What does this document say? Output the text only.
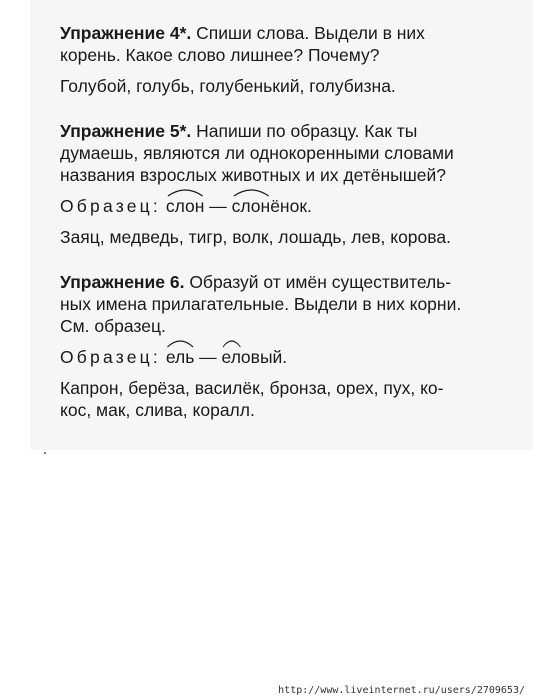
Упражнение 4*. Спиши слова. Выдели в них

корень. Какое слово лишнее? Почему?

Голубой, голубь, голубенький, голубизна.

Упражнение 5*. Напиши по образцу. Как ты

думаешь, являются ли однокоренными словами

названия взрослых животных и их детёнышей?

Образец: слон —
слонёнок.

Заяц, медведь, тигр, волк, лошадь, лев, корова.

Упражнение 6. Образуй от имён существитель-

ных имена прилагательные. Выдели в них корни.

См. образец.

Образец: ель —
еловый.

Капрон, берёза, василёк, бронза, орех, пух, ко-

кос, мак, слива, коралл.

http://www.liveinternet.ru/users/2709653/
